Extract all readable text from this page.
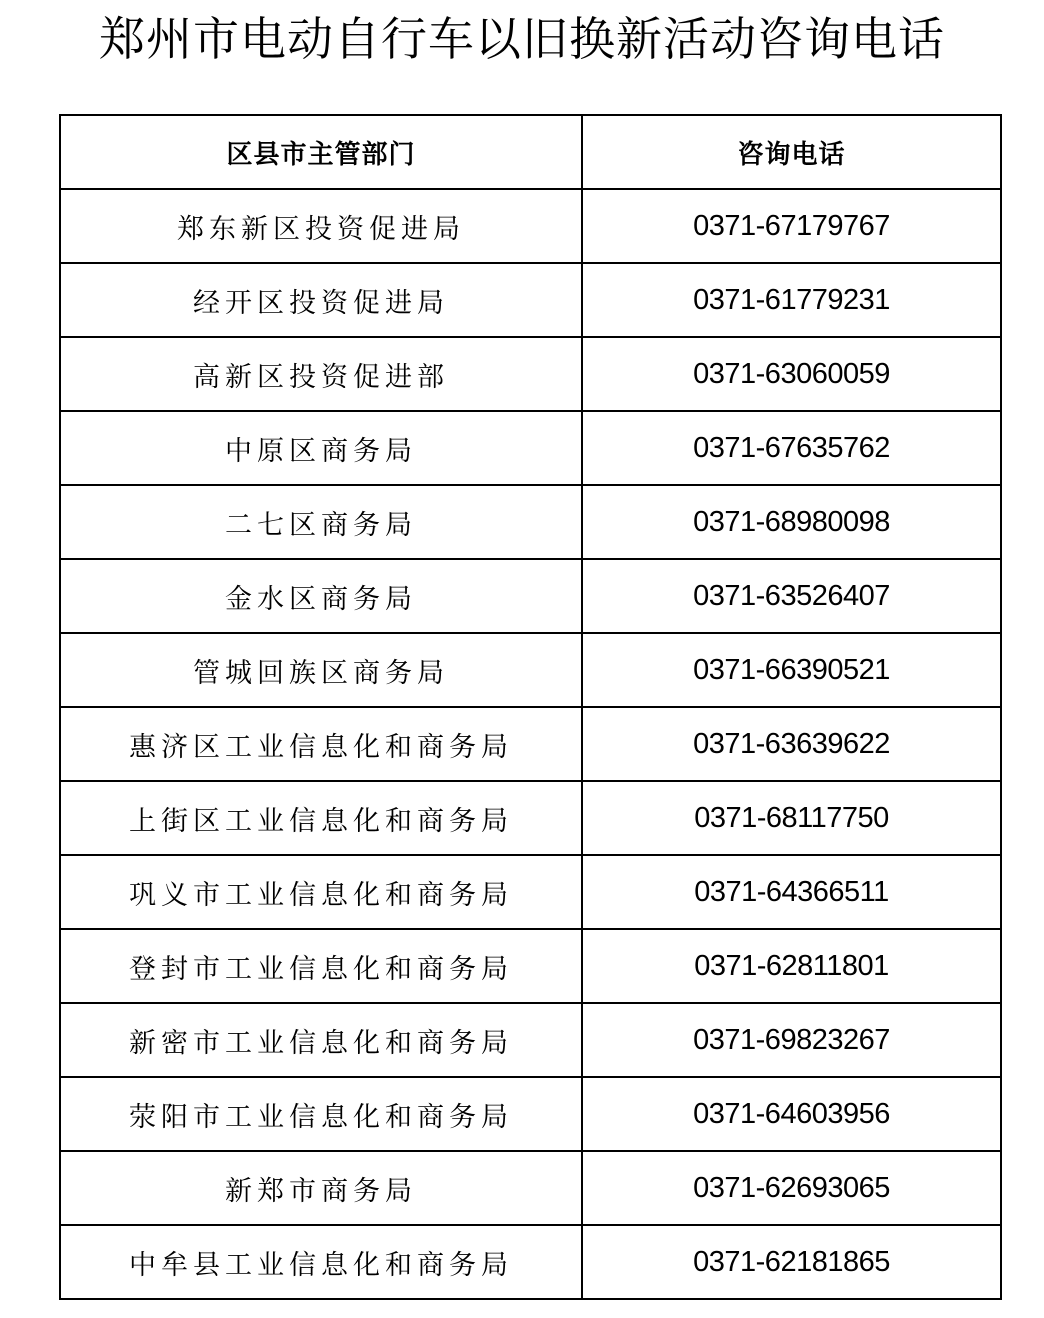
郑州市电动自行车以旧换新活动咨询电话
区县市主管部门	咨询电话
郑东新区投资促进局	0371-67179767
经开区投资促进局	0371-61779231
高新区投资促进部	0371-63060059
中原区商务局	0371-67635762
二七区商务局	0371-68980098
金水区商务局	0371-63526407
管城回族区商务局	0371-66390521
惠济区工业信息化和商务局	0371-63639622
上街区工业信息化和商务局	0371-68117750
巩义市工业信息化和商务局	0371-64366511
登封市工业信息化和商务局	0371-62811801
新密市工业信息化和商务局	0371-69823267
荥阳市工业信息化和商务局	0371-64603956
新郑市商务局	0371-62693065
中牟县工业信息化和商务局	0371-62181865
